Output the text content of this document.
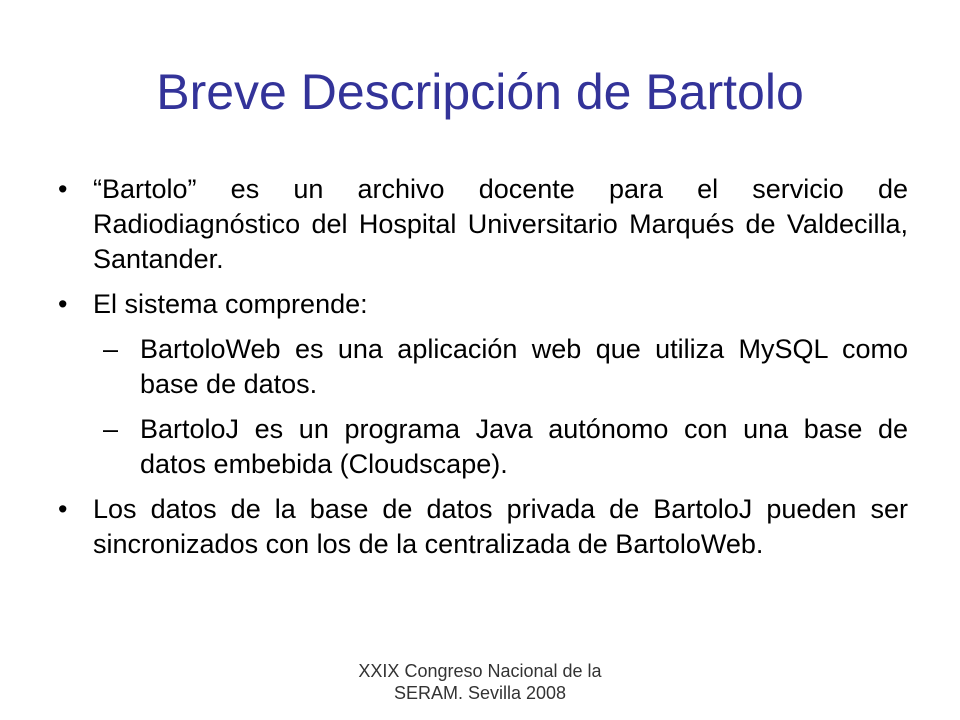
Breve Descripción de Bartolo
• “Bartolo” es un archivo docente para el servicio de Radiodiagnóstico del Hospital Universitario Marqués de Valdecilla, Santander.
• El sistema comprende:
– BartoloWeb es una aplicación web que utiliza MySQL como base de datos.
– BartoloJ es un programa Java autónomo con una base de datos embebida (Cloudscape).
• Los datos de la base de datos privada de BartoloJ pueden ser sincronizados con los de la centralizada de BartoloWeb.
XXIX Congreso Nacional de la
SERAM. Sevilla 2008
